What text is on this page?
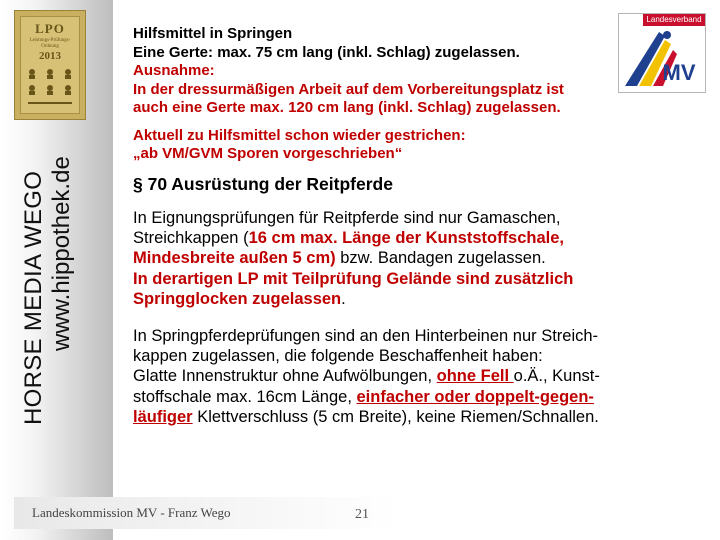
LPO
Leistungs-Prüfungs-Ordnung
2013
HORSE MEDIA WEGO www.hippothek.de
Landesverband
MV

Hilfsmittel in Springen
Eine Gerte: max. 75 cm lang (inkl. Schlag) zugelassen.
Ausnahme:
In der dressurmäßigen Arbeit auf dem Vorbereitungsplatz ist
auch eine Gerte max. 120 cm lang (inkl. Schlag) zugelassen.

Aktuell zu Hilfsmittel schon wieder gestrichen:
„ab VM/GVM Sporen vorgeschrieben“

§ 70 Ausrüstung der Reitpferde

In Eignungsprüfungen für Reitpferde sind nur Gamaschen,
Streichkappen (16 cm max. Länge der Kunststoffschale,
Mindesbreite außen 5 cm) bzw. Bandagen zugelassen.
In derartigen LP mit Teilprüfung Gelände sind zusätzlich
Springglocken zugelassen.

In Springpferdeprüfungen sind an den Hinterbeinen nur Streich-
kappen zugelassen, die folgende Beschaffenheit haben:
Glatte Innenstruktur ohne Aufwölbungen, ohne Fell o.Ä., Kunst-
stoffschale max. 16cm Länge, einfacher oder doppelt-gegen-
läufiger Klettverschluss (5 cm Breite), keine Riemen/Schnallen.

Landeskommission MV - Franz Wego	21
